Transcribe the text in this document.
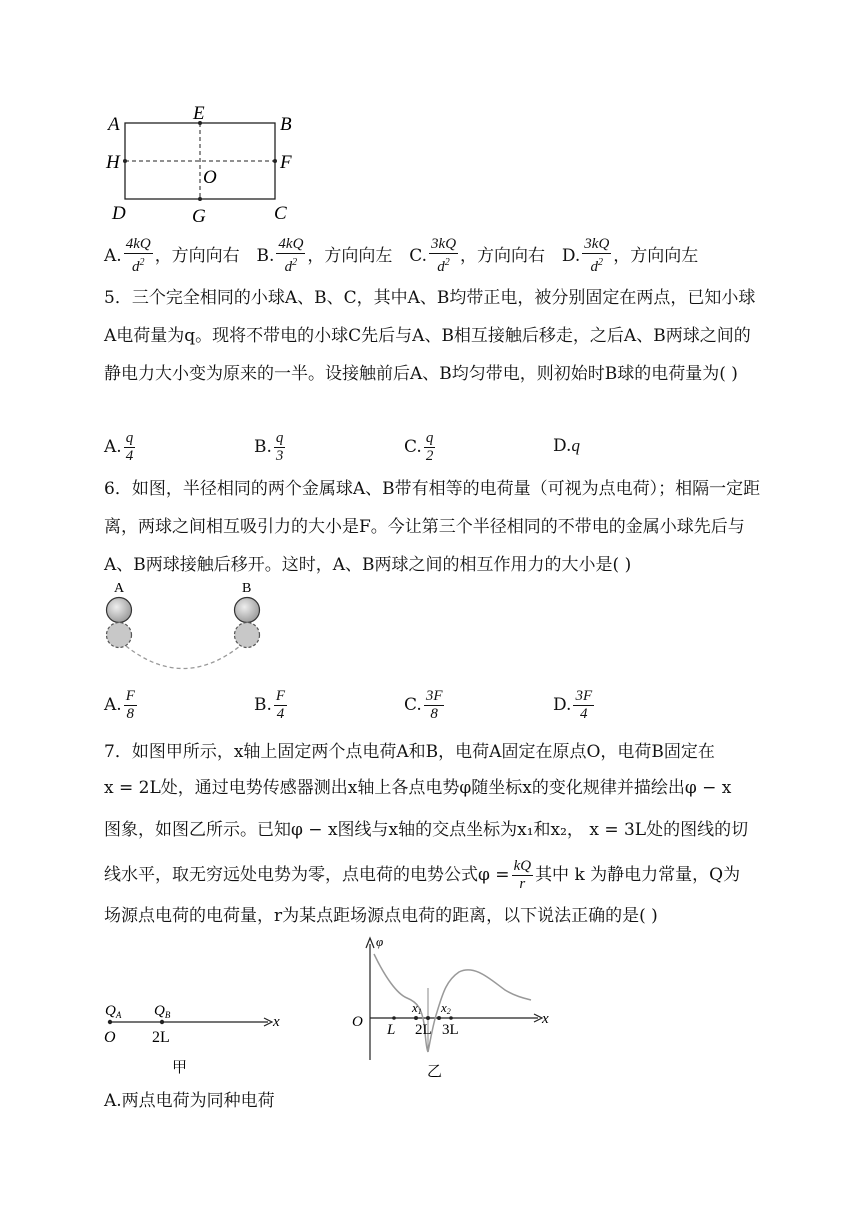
A
E
B
H	F
O
D	G	C
A. $\frac{4kQ}{d^2}$ ，方向向右 B. $\frac{4kQ}{d^2}$ ，方向向左 C. $\frac{3kQ}{d^2}$ ，方向向右 D. $\frac{3kQ}{d^2}$ ，方向向左
5．三个完全相同的小球A、B、C，其中A、B均带正电，被分别固定在两点，已知小球A电荷量为q。现将不带电的小球C先后与A、B相互接触后移走，之后A、B两球之间的静电力大小变为原来的一半。设接触前后A、B均匀带电，则初始时B球的电荷量为( )
A. $\frac{q}{4}$	B. $\frac{q}{3}$	C. $\frac{q}{2}$	D.q
6．如图，半径相同的两个金属球A、B带有相等的电荷量（可视为点电荷）；相隔一定距离，两球之间相互吸引力的大小是F。今让第三个半径相同的不带电的金属小球先后与A、B两球接触后移开。这时，A、B两球之间的相互作用力的大小是( )
A	B
A. $\frac{F}{8}$	B. $\frac{F}{4}$	C. $\frac{3F}{8}$	D. $\frac{3F}{4}$
7．如图甲所示，x轴上固定两个点电荷A和B，电荷A固定在原点O，电荷B固定在
x = 2L处，通过电势传感器测出x轴上各点电势φ随坐标x的变化规律并描绘出φ − x
图象，如图乙所示。已知φ − x图线与x轴的交点坐标为x₁和x₂， x = 3L处的图线的切
线水平，取无穷远处电势为零，点电荷的电势公式$\varphi = \frac{kQ}{r}$ 其中 k 为静电力常量，Q为
场源点电荷的电荷量，r为某点距场源点电荷的距离，以下说法正确的是( )
$Q_A$ $Q_B$
O 2L
x
甲
φ
O L 2L 3L
x1 x2	x
乙
A.两点电荷为同种电荷
